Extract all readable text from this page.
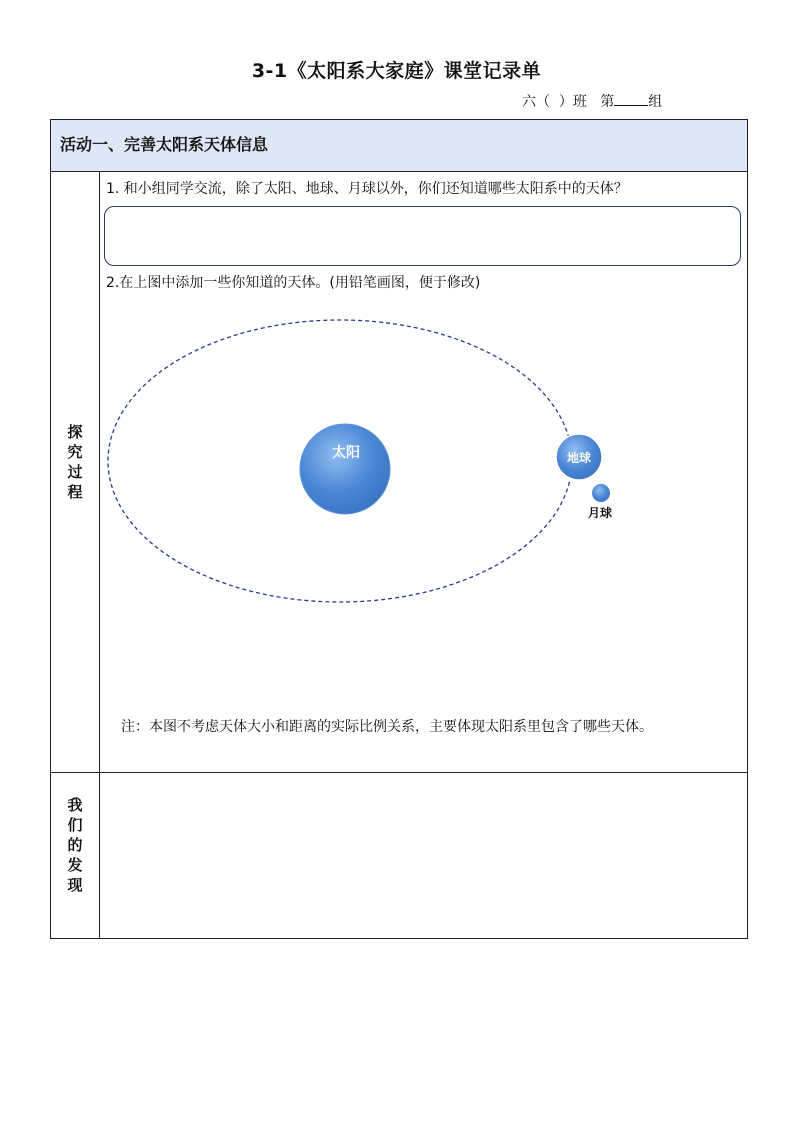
3-1《太阳系大家庭》课堂记录单
六（  ）班   第 组
活动一、完善太阳系天体信息
探
究
过
程
1. 和小组同学交流，除了太阳、地球、月球以外，你们还知道哪些太阳系中的天体？
2.在上图中添加一些你知道的天体。(用铅笔画图，便于修改)
太阳	地球
月球
注：本图不考虑天体大小和距离的实际比例关系，主要体现太阳系里包含了哪些天体。
我
们
的
发
现
